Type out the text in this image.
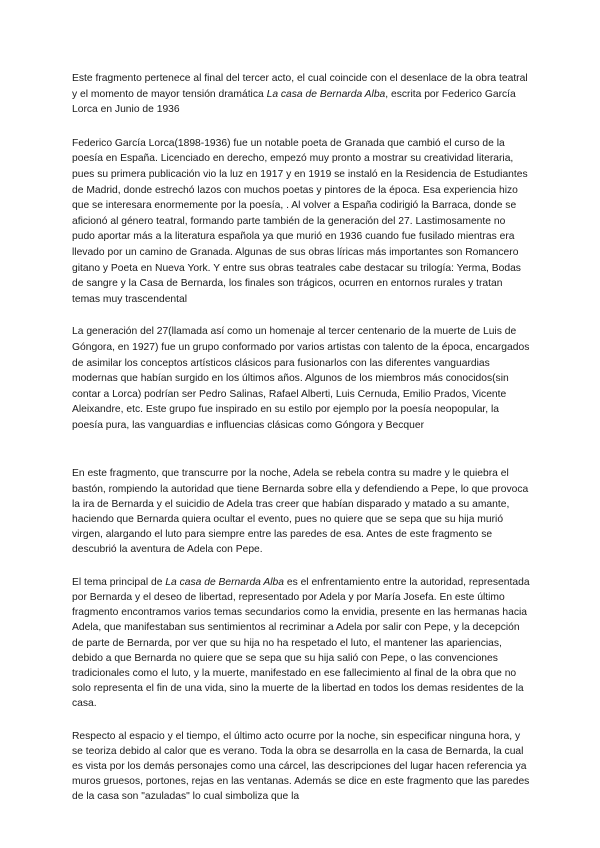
Este fragmento pertenece al final del tercer acto, el cual coincide con el desenlace de la obra teatral y el momento de mayor tensión dramática La casa de Bernarda Alba, escrita por Federico García Lorca en Junio de 1936

Federico García Lorca(1898-1936) fue un notable poeta de Granada que cambió el curso de la poesía en España. Licenciado en derecho, empezó muy pronto a mostrar su creatividad literaria, pues su primera publicación vio la luz en 1917 y en 1919 se instaló en la Residencia de Estudiantes de Madrid, donde estrechó lazos con muchos poetas y pintores de la época. Esa experiencia hizo que se interesara enormemente por la poesía, . Al volver a España codirigió la Barraca, donde se aficionó al género teatral, formando parte también de la generación del 27. Lastimosamente no pudo aportar más a la literatura española ya que murió en 1936 cuando fue fusilado mientras era llevado por un camino de Granada. Algunas de sus obras líricas más importantes son Romancero gitano y Poeta en Nueva York. Y entre sus obras teatrales cabe destacar su trilogía: Yerma, Bodas de sangre y la Casa de Bernarda, los finales son trágicos, ocurren en entornos rurales y tratan temas muy trascendental

La generación del 27(llamada así como un homenaje al tercer centenario de la muerte de Luis de Góngora, en 1927) fue un grupo conformado por varios artistas con talento de la época, encargados de asimilar los conceptos artísticos clásicos para fusionarlos con las diferentes vanguardias modernas que habían surgido en los últimos años. Algunos de los miembros más conocidos(sin contar a Lorca) podrían ser Pedro Salinas, Rafael Alberti, Luis Cernuda, Emilio Prados, Vicente Aleixandre, etc. Este grupo fue inspirado en su estilo por ejemplo por la poesía neopopular, la poesía pura, las vanguardias e influencias clásicas como Góngora y Becquer

En este fragmento, que transcurre por la noche, Adela se rebela contra su madre y le quiebra el bastón, rompiendo la autoridad que tiene Bernarda sobre ella y defendiendo a Pepe, lo que provoca la ira de Bernarda y el suicidio de Adela tras creer que habían disparado y matado a su amante, haciendo que Bernarda quiera ocultar el evento, pues no quiere que se sepa que su hija murió virgen, alargando el luto para siempre entre las paredes de esa. Antes de este fragmento se descubrió la aventura de Adela con Pepe.

El tema principal de La casa de Bernarda Alba es el enfrentamiento entre la autoridad, representada por Bernarda y el deseo de libertad, representado por Adela y por María Josefa. En este último fragmento encontramos varios temas secundarios como la envidia, presente en las hermanas hacia Adela, que manifestaban sus sentimientos al recriminar a Adela por salir con Pepe, y la decepción de parte de Bernarda, por ver que su hija no ha respetado el luto, el mantener las apariencias, debido a que Bernarda no quiere que se sepa que su hija salió con Pepe, o las convenciones tradicionales como el luto, y la muerte, manifestado en ese fallecimiento al final de la obra que no solo representa el fin de una vida, sino la muerte de la libertad en todos los demas residentes de la casa.

Respecto al espacio y el tiempo, el último acto ocurre por la noche, sin especificar ninguna hora, y se teoriza debido al calor que es verano. Toda la obra se desarrolla en la casa de Bernarda, la cual es vista por los demás personajes como una cárcel, las descripciones del lugar hacen referencia ya muros gruesos, portones, rejas en las ventanas. Además se dice en este fragmento que las paredes de la casa son "azuladas" lo cual simboliza que la
